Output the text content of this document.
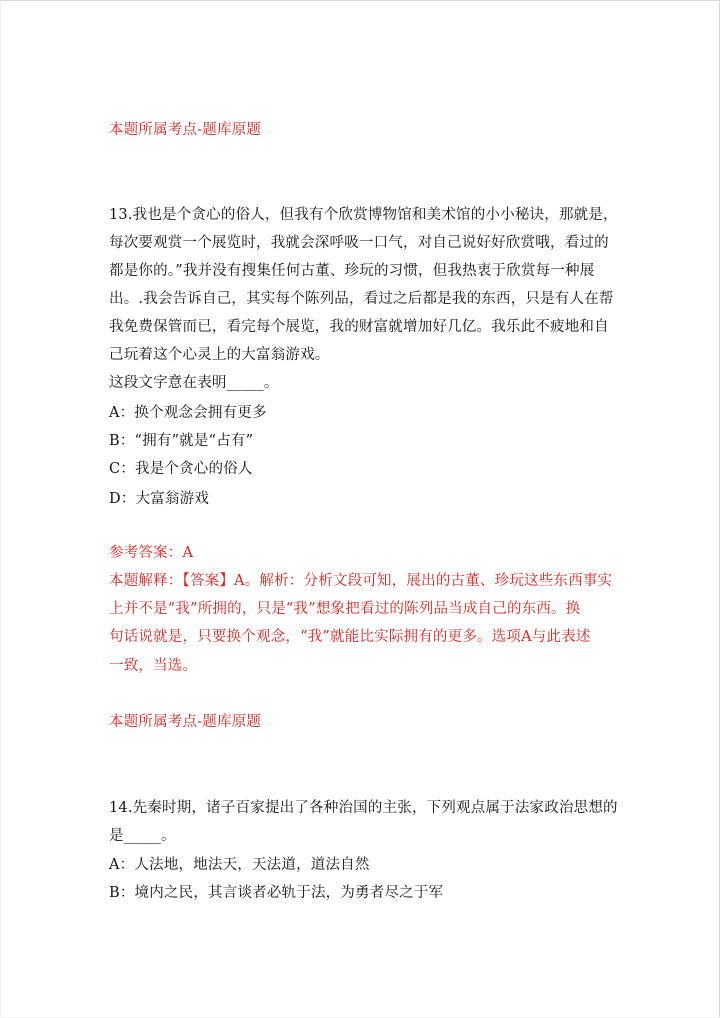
本题所属考点-题库原题
13.我也是个贪心的俗人，但我有个欣赏博物馆和美术馆的小小秘诀，那就是，
每次要观赏一个展览时，我就会深呼吸一口气，对自己说好好欣赏哦，看过的
都是你的。”我并没有搜集任何古董、珍玩的习惯，但我热衷于欣赏每一种展
出。.我会告诉自己，其实每个陈列品，看过之后都是我的东西，只是有人在帮
我免费保管而已，看完每个展览，我的财富就增加好几亿。我乐此不疲地和自
己玩着这个心灵上的大富翁游戏。
这段文字意在表明_____。
A：换个观念会拥有更多
B：“拥有”就是“占有”
C：我是个贪心的俗人
D：大富翁游戏
参考答案：A
本题解释：【答案】A。解析：分析文段可知，展出的古董、珍玩这些东西事实
上并不是“我”所拥的，只是“我”想象把看过的陈列品当成自己的东西。换
句话说就是，只要换个观念，“我”就能比实际拥有的更多。选项A与此表述
一致，当选。
本题所属考点-题库原题
14.先秦时期，诸子百家提出了各种治国的主张，下列观点属于法家政治思想的
是_____。
A：人法地，地法天，天法道，道法自然
B：境内之民，其言谈者必轨于法，为勇者尽之于军
